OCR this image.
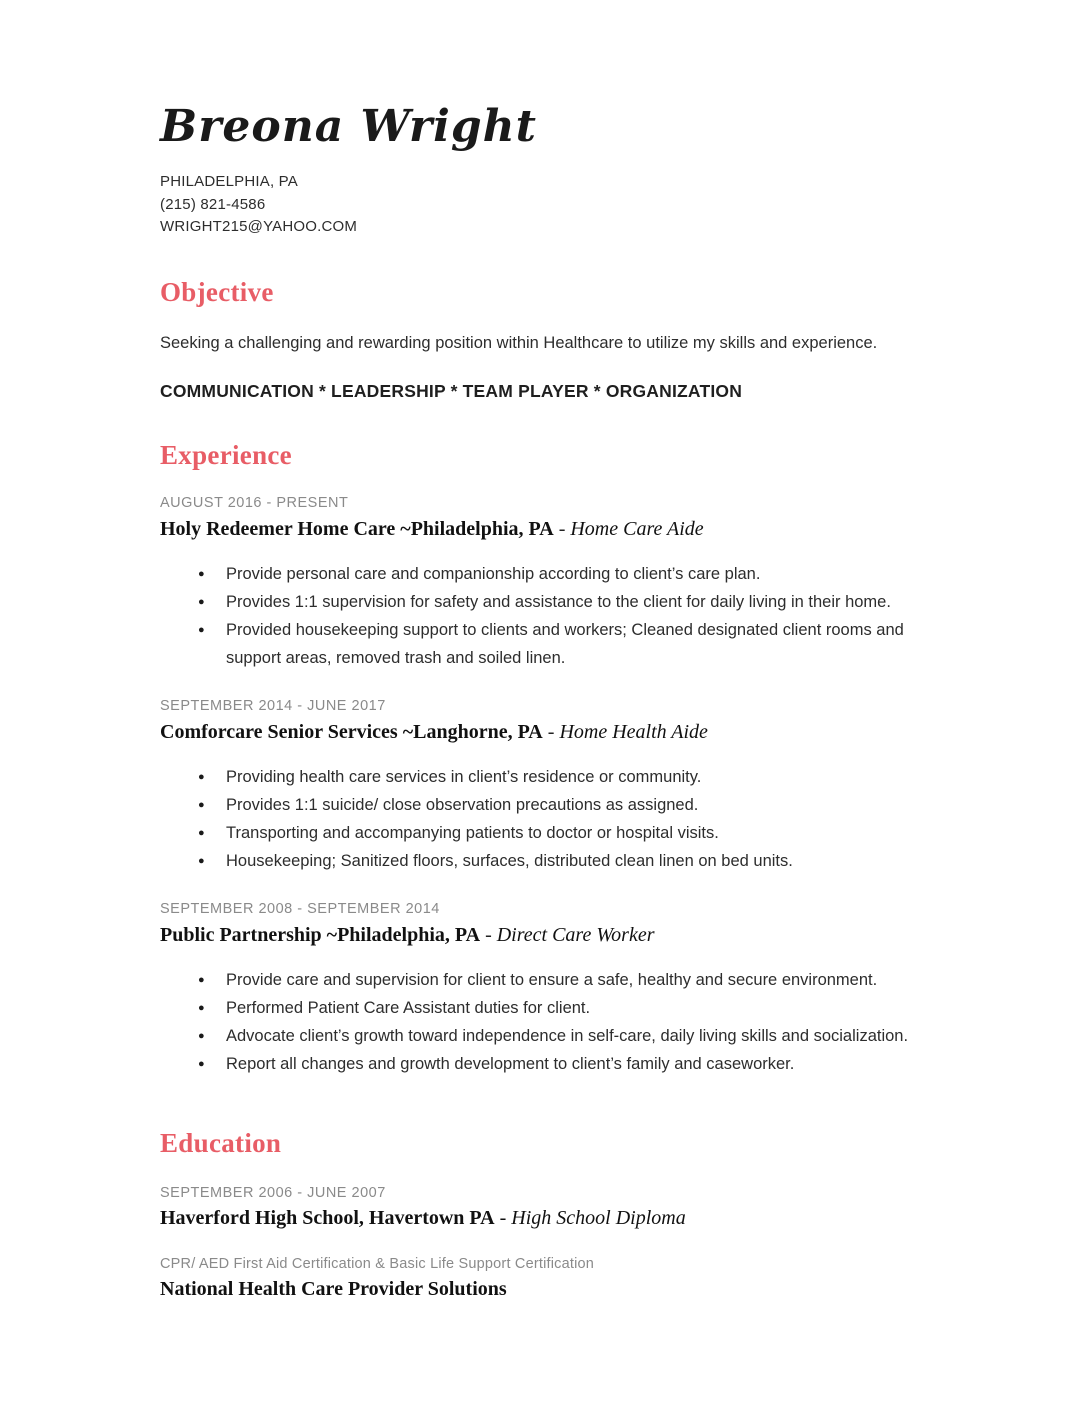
Breona Wright
PHILADELPHIA, PA
(215) 821-4586
WRIGHT215@YAHOO.COM
Objective

Seeking a challenging and rewarding position within Healthcare to utilize my skills and experience.

COMMUNICATION * LEADERSHIP * TEAM PLAYER * ORGANIZATION

Experience
AUGUST 2016 - PRESENT
Holy Redeemer Home Care ~Philadelphia, PA - Home Care Aide
● Provide personal care and companionship according to client’s care plan.
● Provides 1:1 supervision for safety and assistance to the client for daily living in their home.
● Provided housekeeping support to clients and workers; Cleaned designated client rooms and support areas, removed trash and soiled linen.
SEPTEMBER 2014 - JUNE 2017
Comforcare Senior Services ~Langhorne, PA - Home Health Aide
● Providing health care services in client’s residence or community.
● Provides 1:1 suicide/ close observation precautions as assigned.
● Transporting and accompanying patients to doctor or hospital visits.
● Housekeeping; Sanitized floors, surfaces, distributed clean linen on bed units.
SEPTEMBER 2008 - SEPTEMBER 2014
Public Partnership ~Philadelphia, PA - Direct Care Worker
● Provide care and supervision for client to ensure a safe, healthy and secure environment.
● Performed Patient Care Assistant duties for client.
● Advocate client’s growth toward independence in self-care, daily living skills and socialization.
● Report all changes and growth development to client’s family and caseworker.
Education
SEPTEMBER 2006 - JUNE 2007
Haverford High School, Havertown PA - High School Diploma
CPR/ AED First Aid Certification & Basic Life Support Certification
National Health Care Provider Solutions
